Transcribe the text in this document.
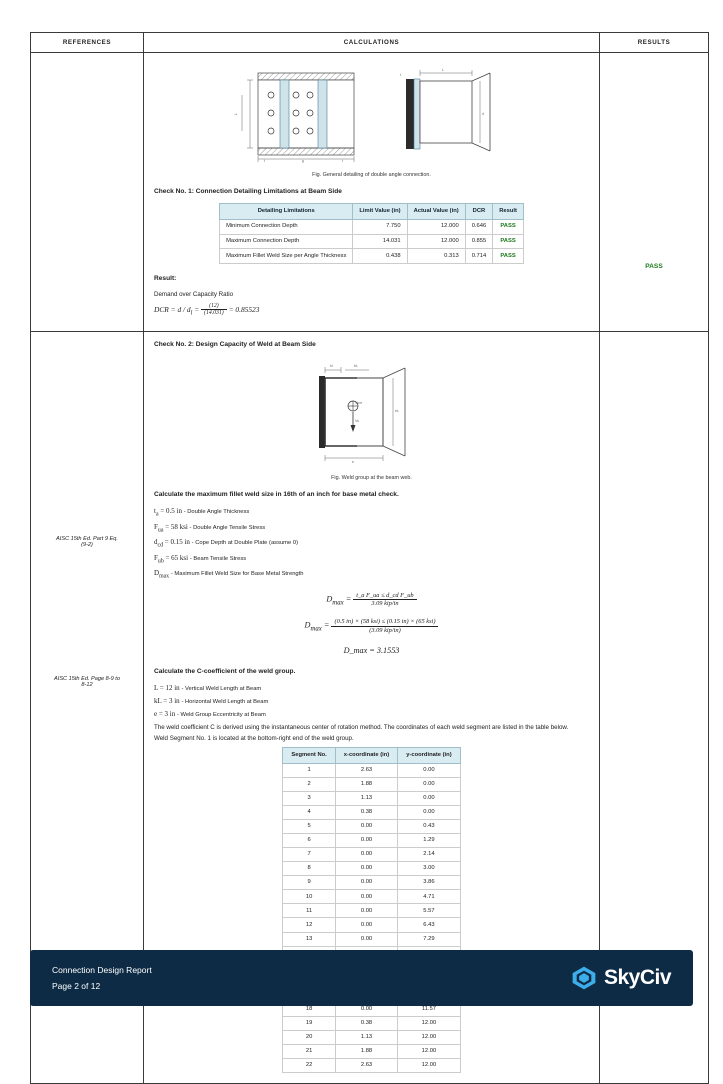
REFERENCES	CALCULATIONS	RESULTS

L
t	g	t
L
t
d
Fig. General detailing of double angle connection.
Check No. 1: Connection Detailing Limitations at Beam Side
Detailing Limitations	Limit Value (in)	Actual Value (in)	DCR	Result
Minimum Connection Depth	7.750	12.000	0.646	PASS
Maximum Connection Depth	14.031	12.000	0.855	PASS
Maximum Fillet Weld Size per Angle Thickness	0.438	0.313	0.714	PASS
Result:
Demand over Capacity Ratio
DCR = $d / d_l = \frac{(12)}{(14.031)} = 0.85523$

PASS

AISC 15th Ed. Part 9 Eq.
(9-2)
AISC 15th Ed. Page 8-9 to
8-12

Check No. 2: Design Capacity of Weld at Beam Side
kl	bL
eL
e
Vu/e
Vu
Fig. Weld group at the beam web.
Calculate the maximum fillet weld size in 16th of an inch for base metal check.
$t_a = 0.5$ in - Double Angle Thickness
$F_{ua} = 58$ ksi - Double Angle Tensile Stress
$d_{cd} = 0.15$ in - Cope Depth at Double Plate (assume 0)
$F_{ub} = 65$ ksi - Beam Tensile Stress
$D_{max}$ - Maximum Fillet Weld Size for Base Metal Strength
$D_{max} = \frac{\text{t\_a F\_ua ≤ d\_cd F\_ub}}{\text{3.09 kip/in}}$
$D_{max} = \frac{\text{(0.5 in) × (58 ksi) ≤ (0.15 in) × (65 ksi)}}{\text{(3.09 kip/in)}}$
D_max = 3.1553
Calculate the C-coefficient of the weld group.
L = 12 in - Vertical Weld Length at Beam
kL = 3 in - Horizontal Weld Length at Beam
e = 3 in - Weld Group Eccentricity at Beam
The weld coefficient C is derived using the instantaneous center of rotation method. The coordinates of each weld segment are listed in the table below.
Weld Segment No. 1 is located at the bottom-right end of the weld group.
Segment No.	x-coordinate (in)	y-coordinate (in)
1	2.63	0.00
2	1.88	0.00
3	1.13	0.00
4	0.38	0.00
5	0.00	0.43
6	0.00	1.29
7	0.00	2.14
8	0.00	3.00
9	0.00	3.86
10	0.00	4.71
11	0.00	5.57
12	0.00	6.43
13	0.00	7.29

18	0.00	11.57
19	0.38	12.00
20	1.13	12.00
21	1.88	12.00
22	2.63	12.00

Connection Design Report
Page 2 of 12	SkyCiv
